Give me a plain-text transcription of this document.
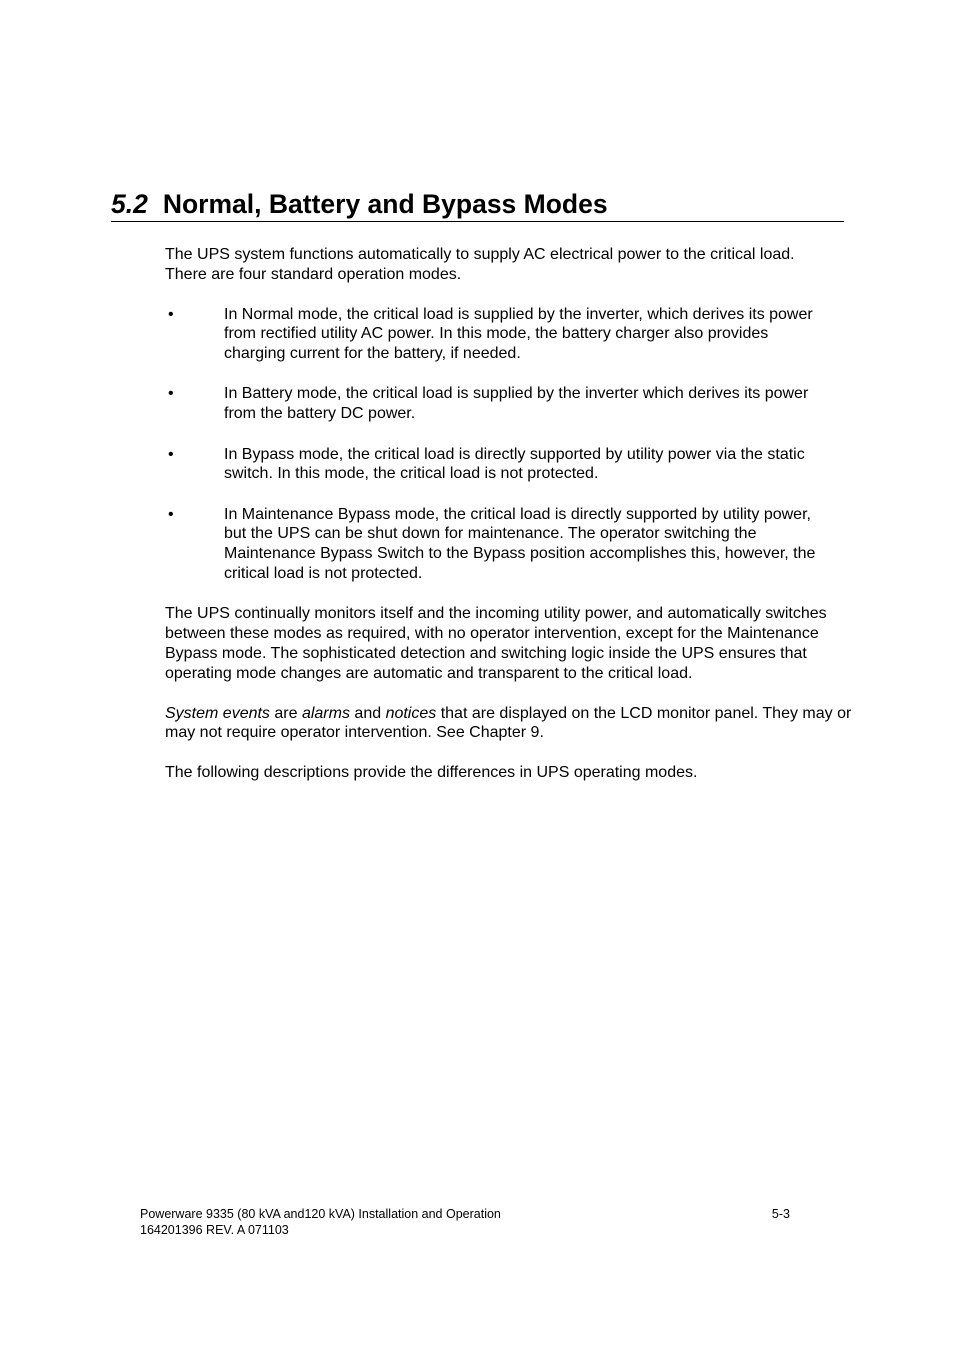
5.2 Normal, Battery and Bypass Modes

The UPS system functions automatically to supply AC electrical power to the critical load.
There are four standard operation modes.

•	In Normal mode, the critical load is supplied by the inverter, which derives its power from rectified utility AC power. In this mode, the battery charger also provides charging current for the battery, if needed.
•	In Battery mode, the critical load is supplied by the inverter which derives its power from the battery DC power.
•	In Bypass mode, the critical load is directly supported by utility power via the static switch. In this mode, the critical load is not protected.
•	In Maintenance Bypass mode, the critical load is directly supported by utility power, but the UPS can be shut down for maintenance. The operator switching the Maintenance Bypass Switch to the Bypass position accomplishes this, however, the critical load is not protected.

The UPS continually monitors itself and the incoming utility power, and automatically switches between these modes as required, with no operator intervention, except for the Maintenance Bypass mode. The sophisticated detection and switching logic inside the UPS ensures that operating mode changes are automatic and transparent to the critical load.

System events are alarms and notices that are displayed on the LCD monitor panel. They may or may not require operator intervention. See Chapter 9.

The following descriptions provide the differences in UPS operating modes.

Powerware 9335 (80 kVA and120 kVA) Installation and Operation	5-3
164201396 REV. A 071103
